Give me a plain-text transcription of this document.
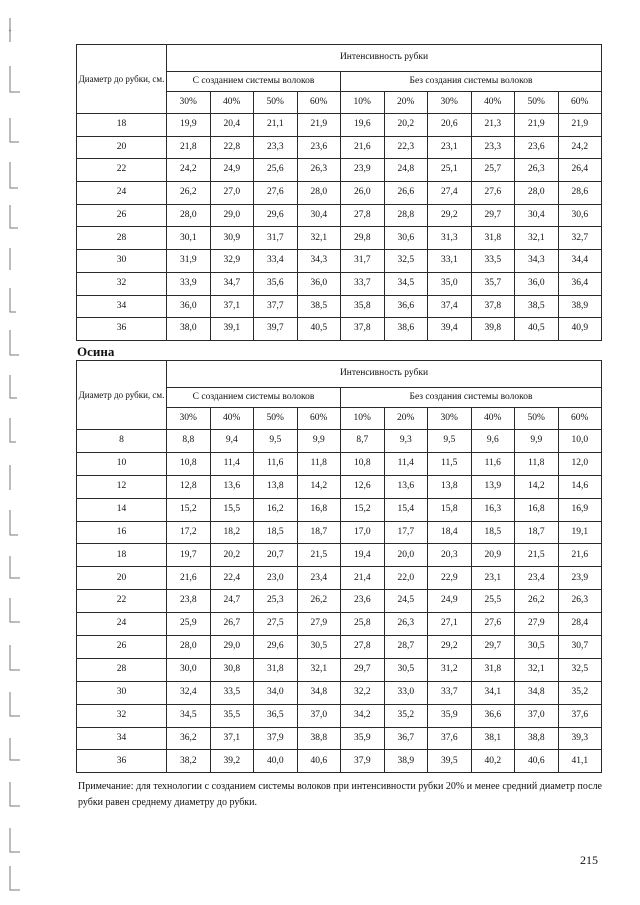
Диаметр до рубки, см.	Интенсивность рубки									
	С созданием системы волоков				Без создания системы волоков					
	30%	40%	50%	60%	10%	20%	30%	40%	50%	60%
18	19,9	20,4	21,1	21,9	19,6	20,2	20,6	21,3	21,9	21,9
20	21,8	22,8	23,3	23,6	21,6	22,3	23,1	23,3	23,6	24,2
22	24,2	24,9	25,6	26,3	23,9	24,8	25,1	25,7	26,3	26,4
24	26,2	27,0	27,6	28,0	26,0	26,6	27,4	27,6	28,0	28,6
26	28,0	29,0	29,6	30,4	27,8	28,8	29,2	29,7	30,4	30,6
28	30,1	30,9	31,7	32,1	29,8	30,6	31,3	31,8	32,1	32,7
30	31,9	32,9	33,4	34,3	31,7	32,5	33,1	33,5	34,3	34,4
32	33,9	34,7	35,6	36,0	33,7	34,5	35,0	35,7	36,0	36,4
34	36,0	37,1	37,7	38,5	35,8	36,6	37,4	37,8	38,5	38,9
36	38,0	39,1	39,7	40,5	37,8	38,6	39,4	39,8	40,5	40,9
Осина
Диаметр до рубки, см.	Интенсивность рубки									
	С созданием системы волоков				Без создания системы волоков					
	30%	40%	50%	60%	10%	20%	30%	40%	50%	60%
8	8,8	9,4	9,5	9,9	8,7	9,3	9,5	9,6	9,9	10,0
10	10,8	11,4	11,6	11,8	10,8	11,4	11,5	11,6	11,8	12,0
12	12,8	13,6	13,8	14,2	12,6	13,6	13,8	13,9	14,2	14,6
14	15,2	15,5	16,2	16,8	15,2	15,4	15,8	16,3	16,8	16,9
16	17,2	18,2	18,5	18,7	17,0	17,7	18,4	18,5	18,7	19,1
18	19,7	20,2	20,7	21,5	19,4	20,0	20,3	20,9	21,5	21,6
20	21,6	22,4	23,0	23,4	21,4	22,0	22,9	23,1	23,4	23,9
22	23,8	24,7	25,3	26,2	23,6	24,5	24,9	25,5	26,2	26,3
24	25,9	26,7	27,5	27,9	25,8	26,3	27,1	27,6	27,9	28,4
26	28,0	29,0	29,6	30,5	27,8	28,7	29,2	29,7	30,5	30,7
28	30,0	30,8	31,8	32,1	29,7	30,5	31,2	31,8	32,1	32,5
30	32,4	33,5	34,0	34,8	32,2	33,0	33,7	34,1	34,8	35,2
32	34,5	35,5	36,5	37,0	34,2	35,2	35,9	36,6	37,0	37,6
34	36,2	37,1	37,9	38,8	35,9	36,7	37,6	38,1	38,8	39,3
36	38,2	39,2	40,0	40,6	37,9	38,9	39,5	40,2	40,6	41,1

Примечание: для технологии с созданием системы волоков при интенсивности рубки 20% и менее средний диаметр после рубки равен среднему диаметру до рубки.

215
